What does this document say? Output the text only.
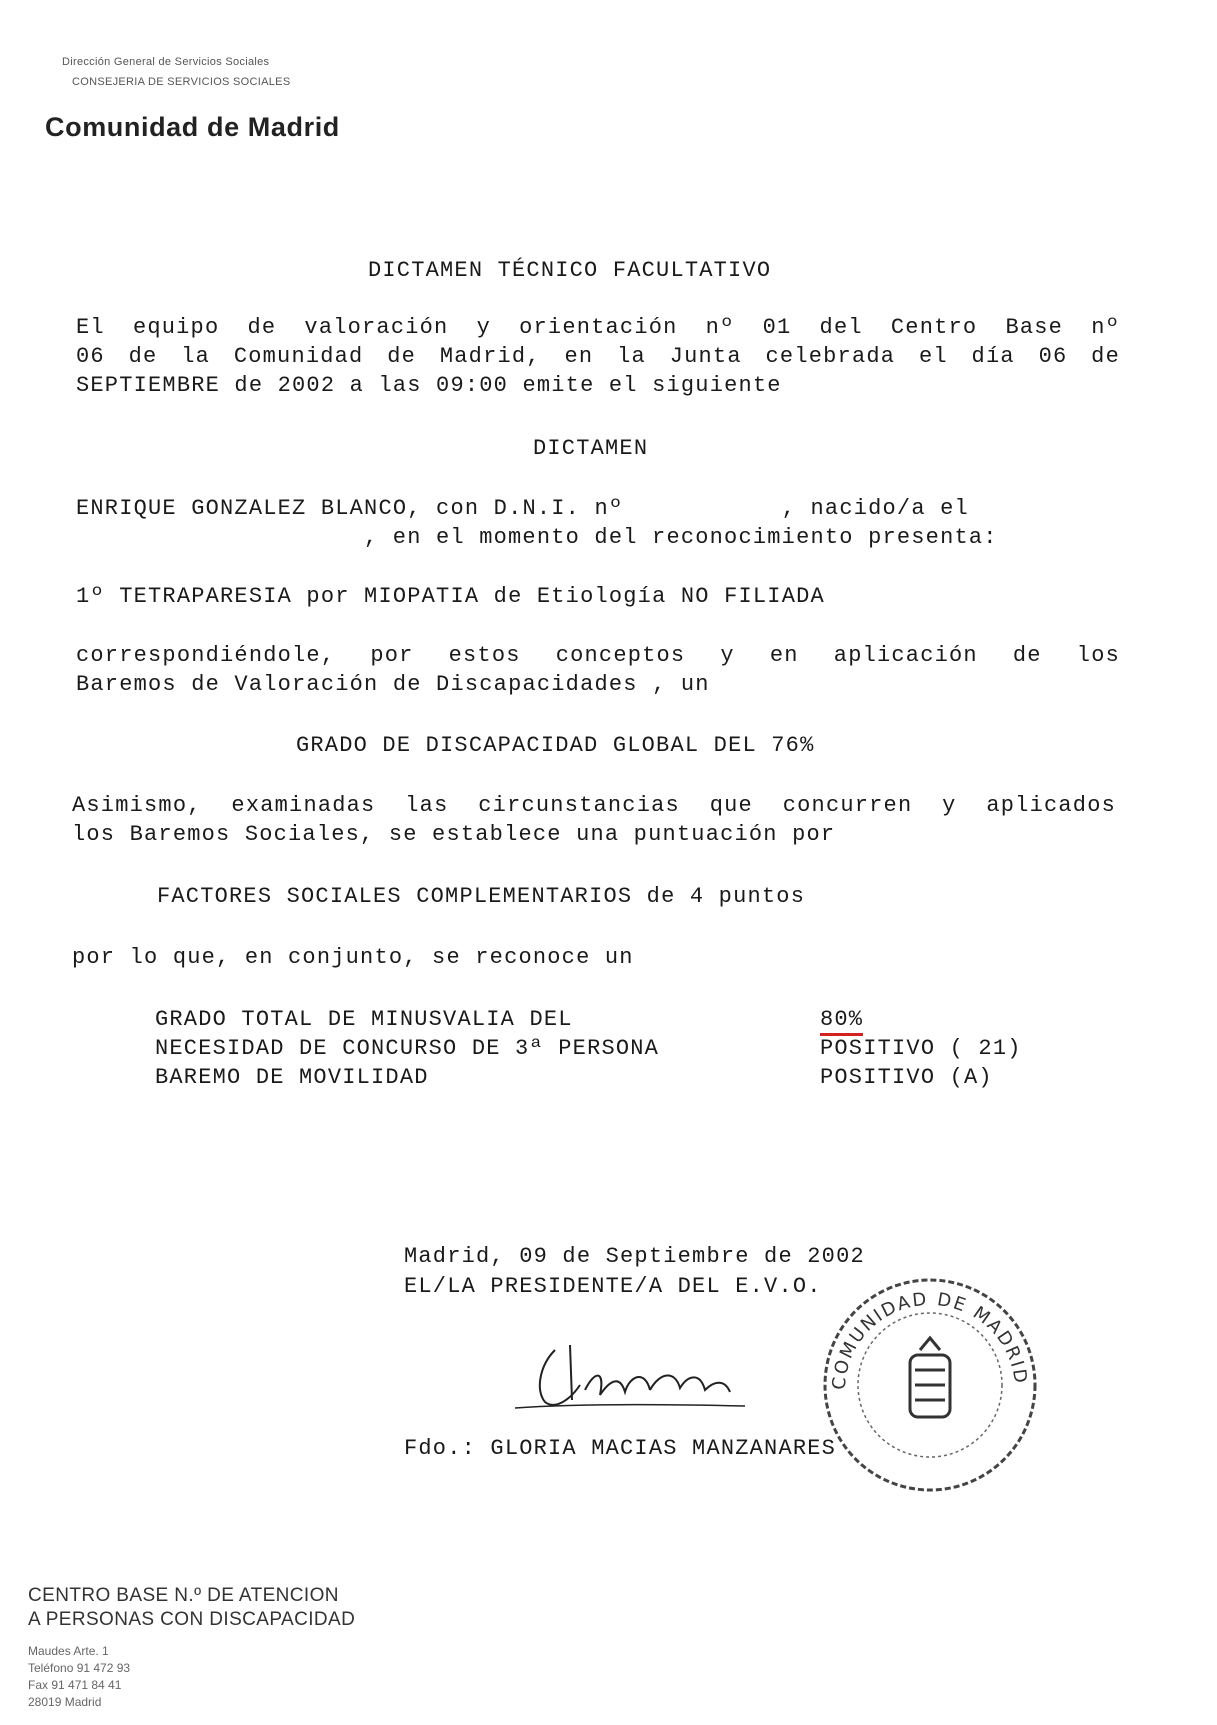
Dirección General de Servicios Sociales
CONSEJERIA DE SERVICIOS SOCIALES
Comunidad de Madrid
DICTAMEN TÉCNICO FACULTATIVO
El equipo de valoración y orientación nº 01 del Centro Base nº
06 de la Comunidad de Madrid, en la Junta celebrada el día 06 de
SEPTIEMBRE de 2002 a las 09:00 emite el siguiente
DICTAMEN
ENRIQUE GONZALEZ BLANCO, con D.N.I. nº           , nacido/a el
, en el momento del reconocimiento presenta:
1º TETRAPARESIA por MIOPATIA de Etiología NO FILIADA
correspondiéndole, por estos conceptos y en aplicación de los
Baremos de Valoración de Discapacidades , un
GRADO DE DISCAPACIDAD GLOBAL DEL 76%
Asimismo, examinadas las circunstancias que concurren y aplicados
los Baremos Sociales, se establece una puntuación por
FACTORES SOCIALES COMPLEMENTARIOS de 4 puntos
por lo que, en conjunto, se reconoce un
GRADO TOTAL DE MINUSVALIA DEL	80%
NECESIDAD DE CONCURSO DE 3ª PERSONA	POSITIVO ( 21)
BAREMO DE MOVILIDAD	POSITIVO (A)
Madrid, 09 de Septiembre de 2002
EL/LA PRESIDENTE/A DEL E.V.O.
COMUNIDAD DE MADRID
Fdo.: GLORIA MACIAS MANZANARES
CENTRO BASE N.º DE ATENCION
A PERSONAS CON DISCAPACIDAD
Maudes Arte. 1
Teléfono 91 472 93
Fax 91 471 84 41
28019 Madrid
